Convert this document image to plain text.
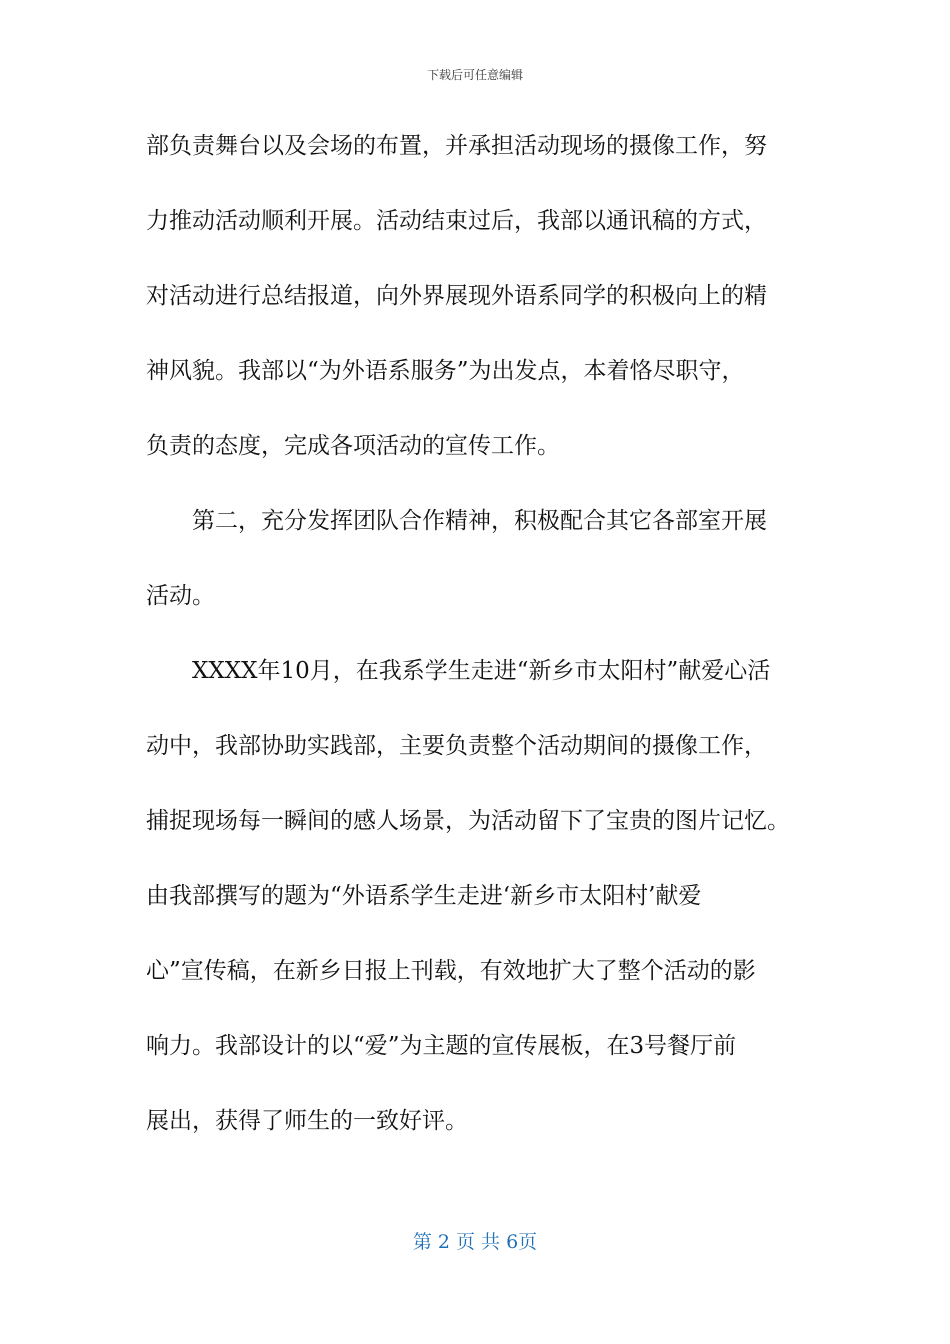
下载后可任意编辑
部负责舞台以及会场的布置，并承担活动现场的摄像工作，努
力推动活动顺利开展。活动结束过后，我部以通讯稿的方式，
对活动进行总结报道，向外界展现外语系同学的积极向上的精
神风貌。我部以“为外语系服务”为出发点，本着恪尽职守，
负责的态度，完成各项活动的宣传工作。
第二，充分发挥团队合作精神，积极配合其它各部室开展
活动。
XXXX年10月，在我系学生走进“新乡市太阳村”献爱心活
动中，我部协助实践部，主要负责整个活动期间的摄像工作，
捕捉现场每一瞬间的感人场景，为活动留下了宝贵的图片记忆。
由我部撰写的题为“外语系学生走进‘新乡市太阳村’献爱
心”宣传稿，在新乡日报上刊载，有效地扩大了整个活动的影
响力。我部设计的以“爱”为主题的宣传展板，在3号餐厅前
展出，获得了师生的一致好评。
第 2 页 共 6页
